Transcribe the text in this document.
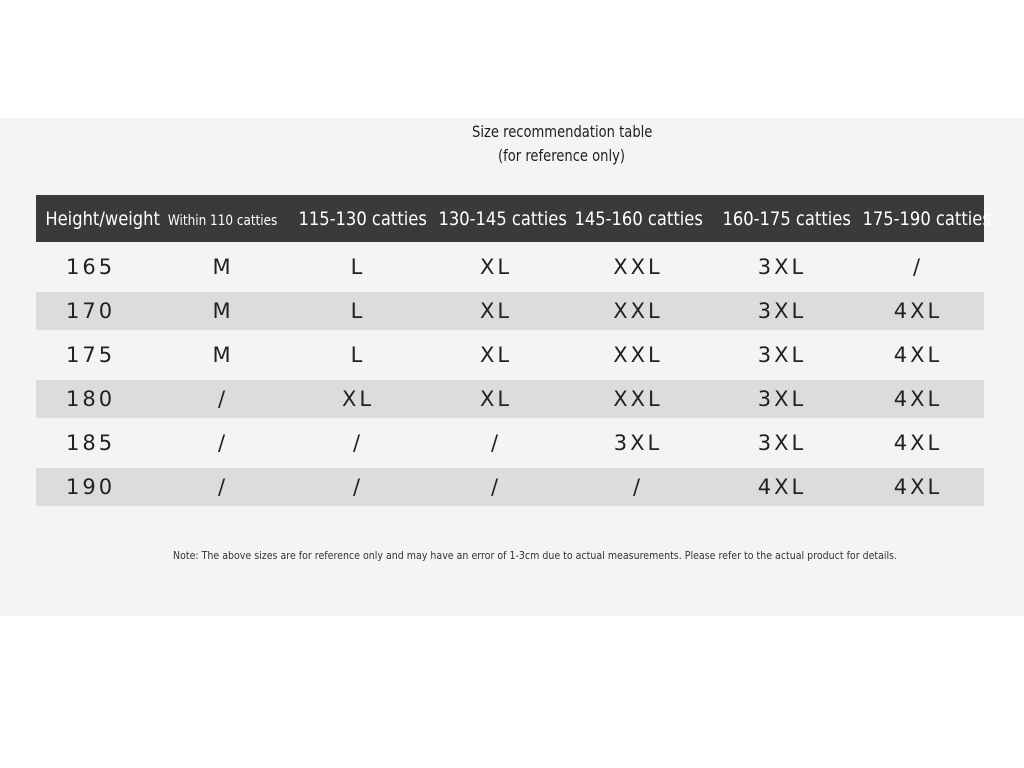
Size recommendation table
(for reference only)
Height/weight	Within 110 catties	115-130 catties	130-145 catties	145-160 catties	160-175 catties	175-190 catties
165	M	L	XL	XXL	3XL	/
170	M	L	XL	XXL	3XL	4XL
175	M	L	XL	XXL	3XL	4XL
180	/	XL	XL	XXL	3XL	4XL
185	/	/	/	3XL	3XL	4XL
190	/	/	/	/	4XL	4XL
Note: The above sizes are for reference only and may have an error of 1-3cm due to actual measurements. Please refer to the actual product for details.
